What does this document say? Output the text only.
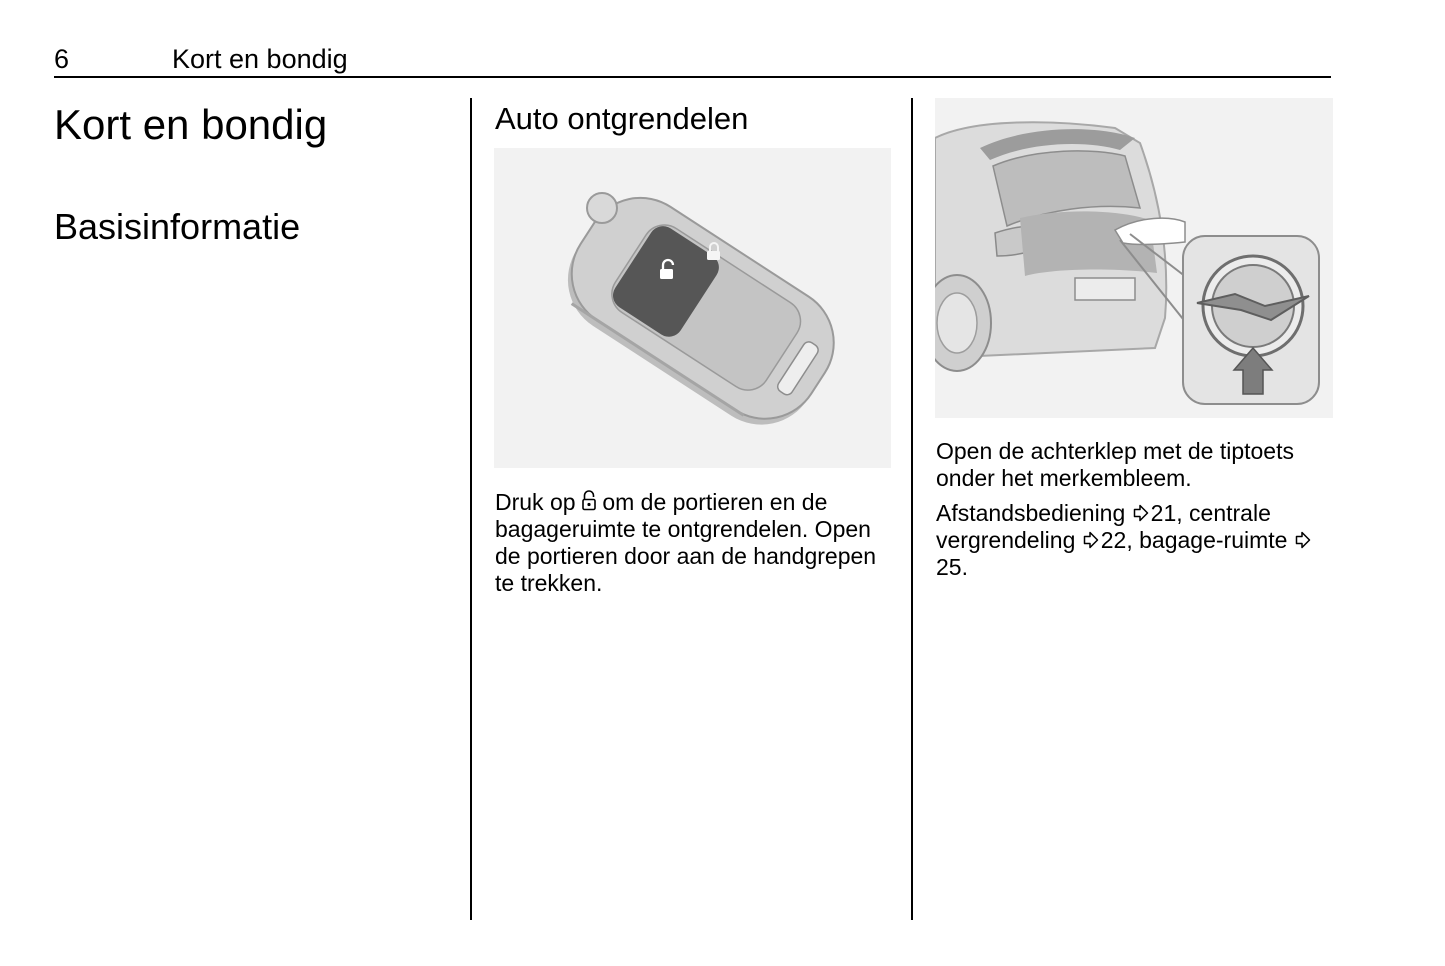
6	Kort en bondig
Kort en bondig
Basisinformatie
Auto ontgrendelen

Druk op  om de portieren en de bagageruimte te ontgrendelen. Open de portieren door aan de handgrepen te trekken.

Open de achterklep met de tiptoets onder het merkembleem.

Afstandsbediening 21, centrale vergrendeling 22, bagage-ruimte 25.
